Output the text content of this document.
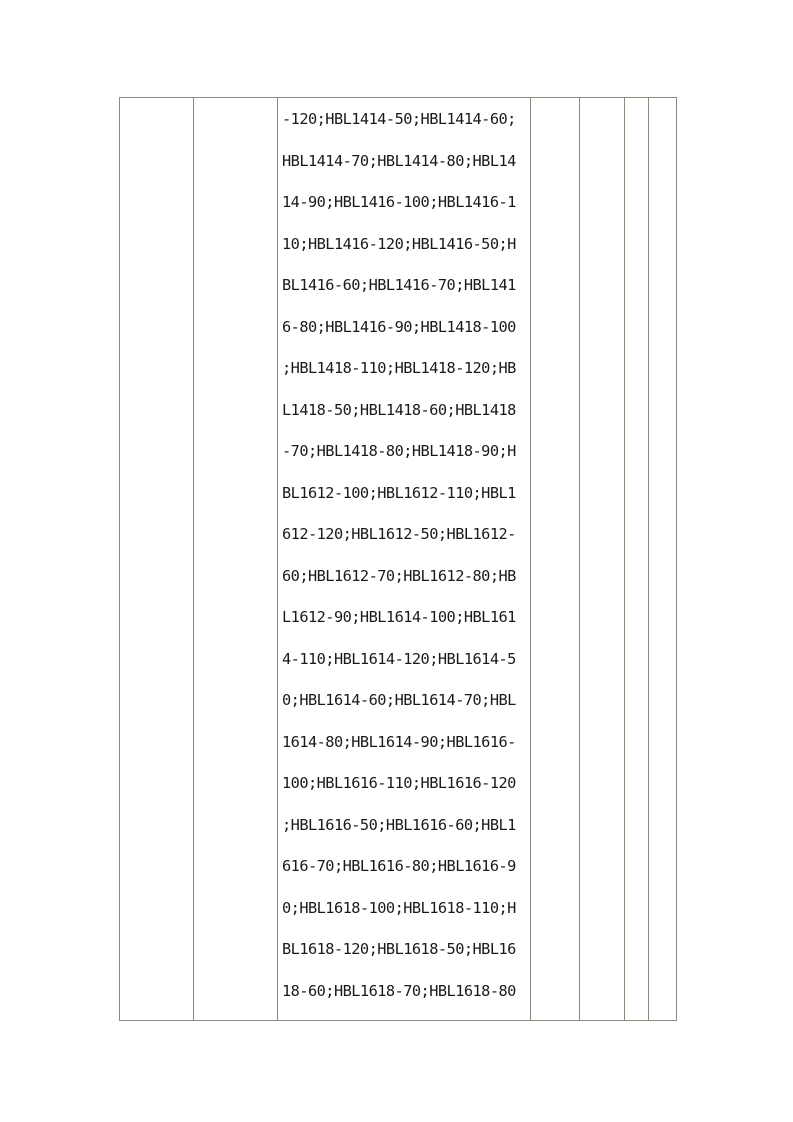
-120;HBL1414-50;HBL1414-60;
HBL1414-70;HBL1414-80;HBL14
14-90;HBL1416-100;HBL1416-1
10;HBL1416-120;HBL1416-50;H
BL1416-60;HBL1416-70;HBL141
6-80;HBL1416-90;HBL1418-100
;HBL1418-110;HBL1418-120;HB
L1418-50;HBL1418-60;HBL1418
-70;HBL1418-80;HBL1418-90;H
BL1612-100;HBL1612-110;HBL1
612-120;HBL1612-50;HBL1612-
60;HBL1612-70;HBL1612-80;HB
L1612-90;HBL1614-100;HBL161
4-110;HBL1614-120;HBL1614-5
0;HBL1614-60;HBL1614-70;HBL
1614-80;HBL1614-90;HBL1616-
100;HBL1616-110;HBL1616-120
;HBL1616-50;HBL1616-60;HBL1
616-70;HBL1616-80;HBL1616-9
0;HBL1618-100;HBL1618-110;H
BL1618-120;HBL1618-50;HBL16
18-60;HBL1618-70;HBL1618-80
